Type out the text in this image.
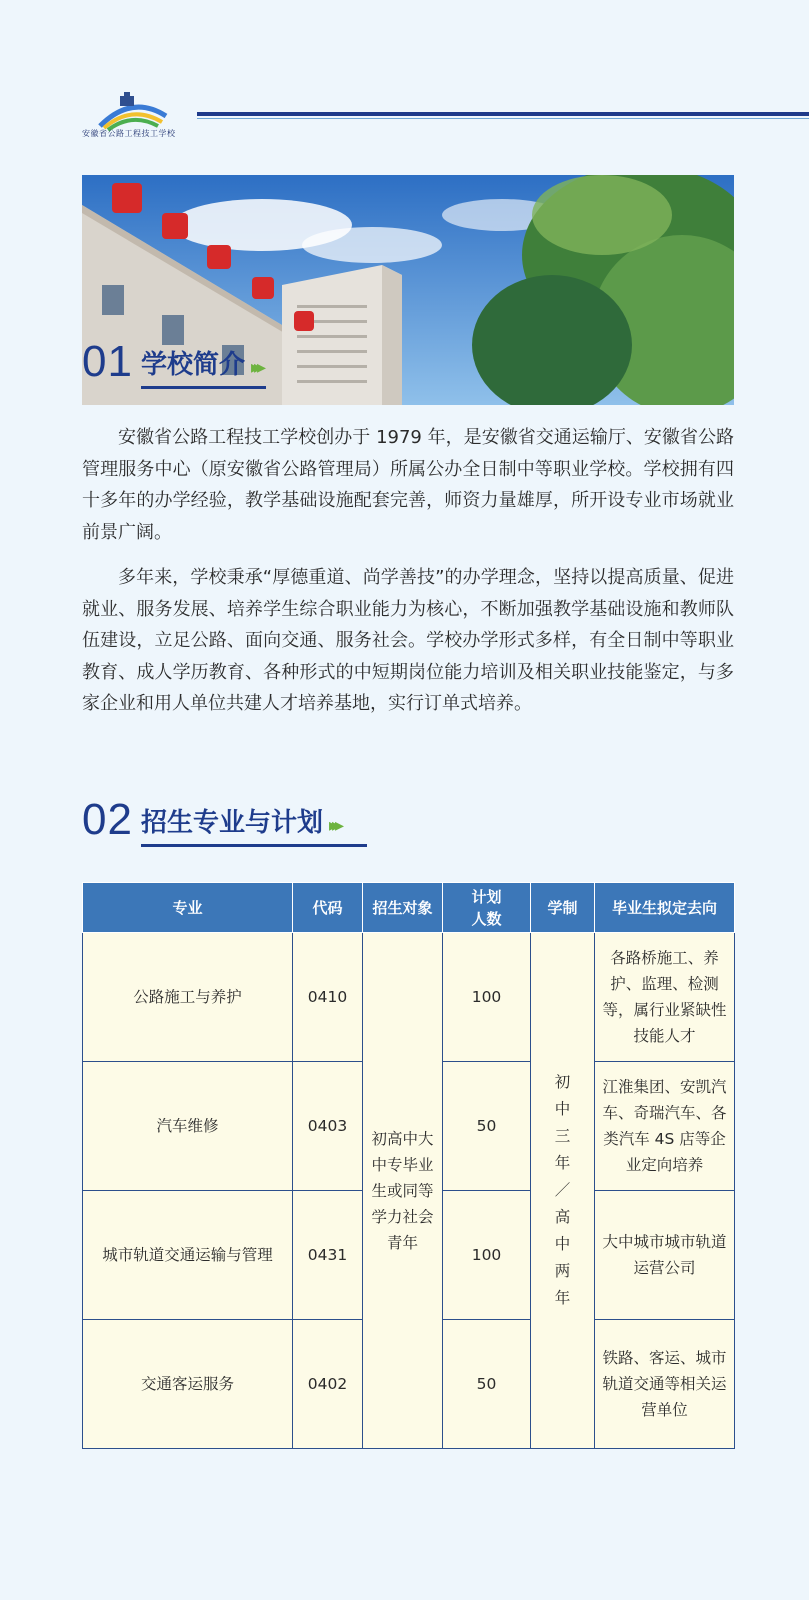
安徽省公路工程技工学校
01 学校简介 ▸▸▸

安徽省公路工程技工学校创办于 1979 年，是安徽省交通运输厅、安徽省公路管理服务中心（原安徽省公路管理局）所属公办全日制中等职业学校。学校拥有四十多年的办学经验，教学基础设施配套完善，师资力量雄厚，所开设专业市场就业前景广阔。

多年来，学校秉承“厚德重道、尚学善技”的办学理念，坚持以提高质量、促进就业、服务发展、培养学生综合职业能力为核心，不断加强教学基础设施和教师队伍建设，立足公路、面向交通、服务社会。学校办学形式多样，有全日制中等职业教育、成人学历教育、各种形式的中短期岗位能力培训及相关职业技能鉴定，与多家企业和用人单位共建人才培养基地，实行订单式培养。

02 招生专业与计划 ▸▸▸
专业	代码	招生对象	计划人数	学制	毕业生拟定去向
公路施工与养护	0410	初高中大中专毕业生或同等学力社会青年	100	初中三年／高中两年	各路桥施工、养护、监理、检测等，属行业紧缺性技能人才
汽车维修	0403		50		江淮集团、安凯汽车、奇瑞汽车、各类汽车 4S 店等企业定向培养
城市轨道交通运输与管理	0431		100		大中城市城市轨道运营公司
交通客运服务	0402		50		铁路、客运、城市轨道交通等相关运营单位
